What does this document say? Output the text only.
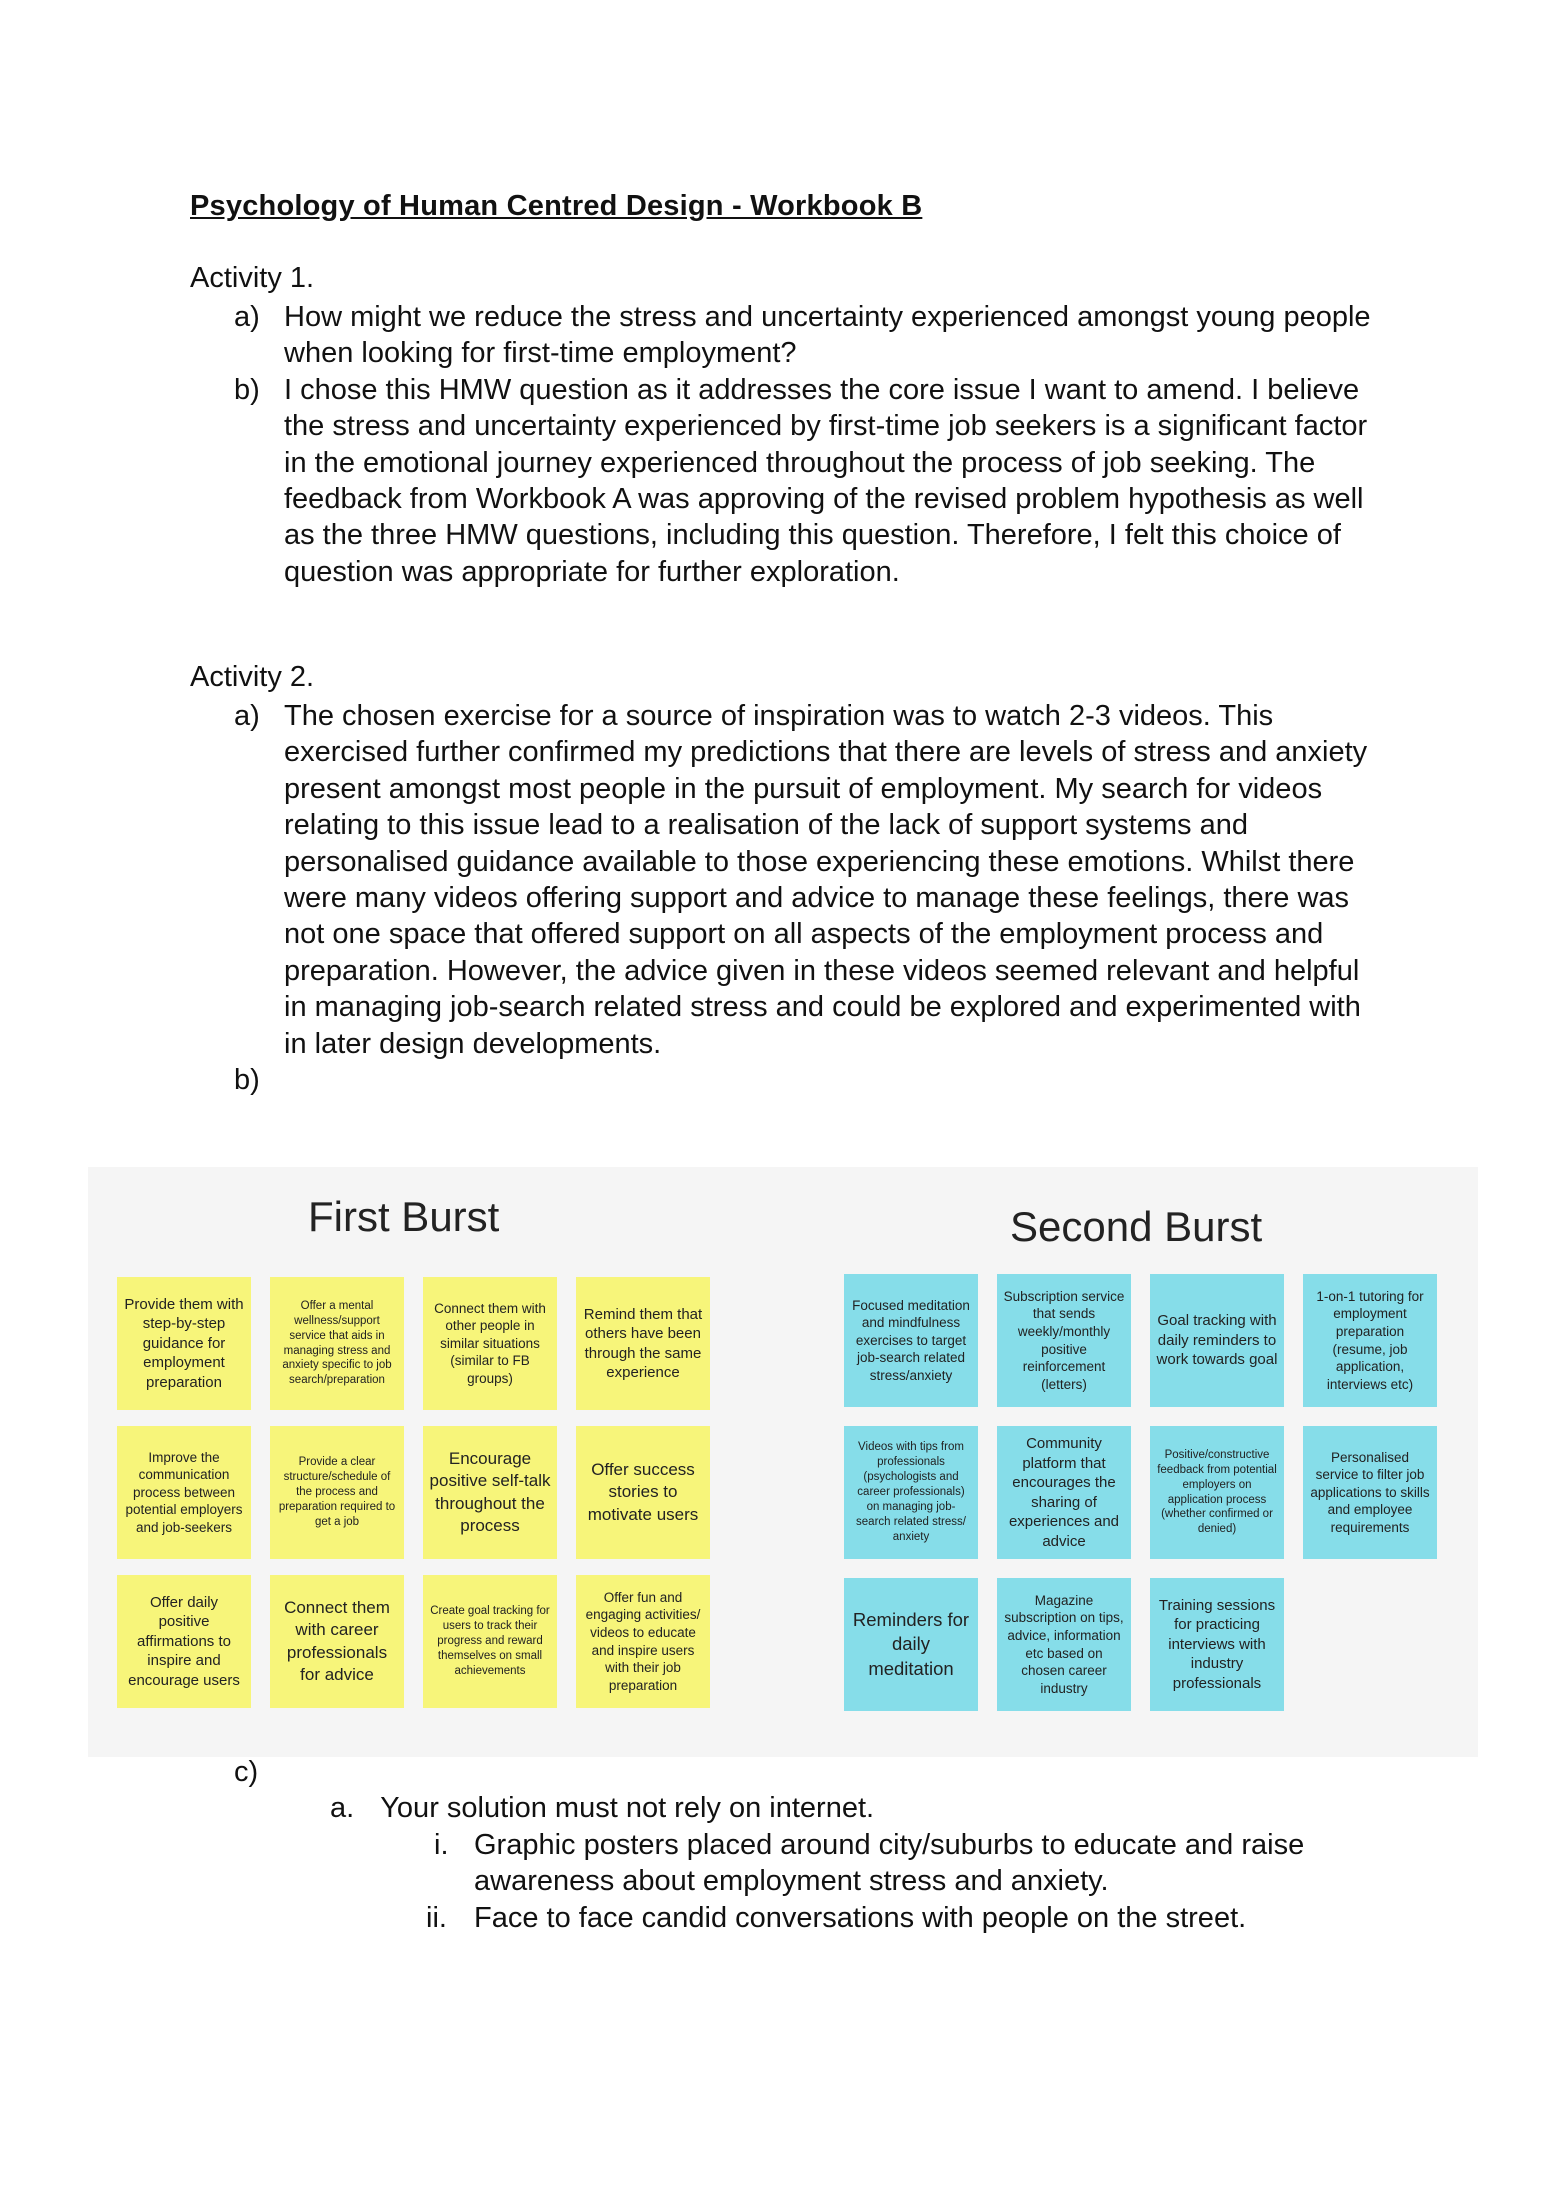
Psychology of Human Centred Design - Workbook B
Activity 1.
a) How might we reduce the stress and uncertainty experienced amongst young people when looking for first-time employment?
b) I chose this HMW question as it addresses the core issue I want to amend. I believe the stress and uncertainty experienced by first-time job seekers is a significant factor in the emotional journey experienced throughout the process of job seeking. The feedback from Workbook A was approving of the revised problem hypothesis as well as the three HMW questions, including this question. Therefore, I felt this choice of question was appropriate for further exploration.
Activity 2.
a) The chosen exercise for a source of inspiration was to watch 2-3 videos. This exercised further confirmed my predictions that there are levels of stress and anxiety present amongst most people in the pursuit of employment. My search for videos relating to this issue lead to a realisation of the lack of support systems and personalised guidance available to those experiencing these emotions. Whilst there were many videos offering support and advice to manage these feelings, there was not one space that offered support on all aspects of the employment process and preparation. However, the advice given in these videos seemed relevant and helpful in managing job-search related stress and could be explored and experimented with in later design developments.
b)
First Burst	Second Burst
Provide them with step-by-step guidance for employment preparation
Offer a mental wellness/support service that aids in managing stress and anxiety specific to job search/preparation
Connect them with other people in similar situations (similar to FB groups)
Remind them that others have been through the same experience
Improve the communication process between potential employers and job-seekers
Provide a clear structure/schedule of the process and preparation required to get a job
Encourage positive self-talk throughout the process
Offer success stories to motivate users
Offer daily positive affirmations to inspire and encourage users
Connect them with career professionals for advice
Create goal tracking for users to track their progress and reward themselves on small achievements
Offer fun and engaging activities/ videos to educate and inspire users with their job preparation
Focused meditation and mindfulness exercises to target job-search related stress/anxiety
Subscription service that sends weekly/monthly positive reinforcement (letters)
Goal tracking with daily reminders to work towards goal
1-on-1 tutoring for employment preparation (resume, job application, interviews etc)
Videos with tips from professionals (psychologists and career professionals) on managing job-search related stress/ anxiety
Community platform that encourages the sharing of experiences and advice
Positive/constructive feedback from potential employers on application process (whether confirmed or denied)
Personalised service to filter job applications to skills and employee requirements
Reminders for daily meditation
Magazine subscription on tips, advice, information etc based on chosen career industry
Training sessions for practicing interviews with industry professionals
c)
a. Your solution must not rely on internet.
i. Graphic posters placed around city/suburbs to educate and raise awareness about employment stress and anxiety.
ii. Face to face candid conversations with people on the street.
